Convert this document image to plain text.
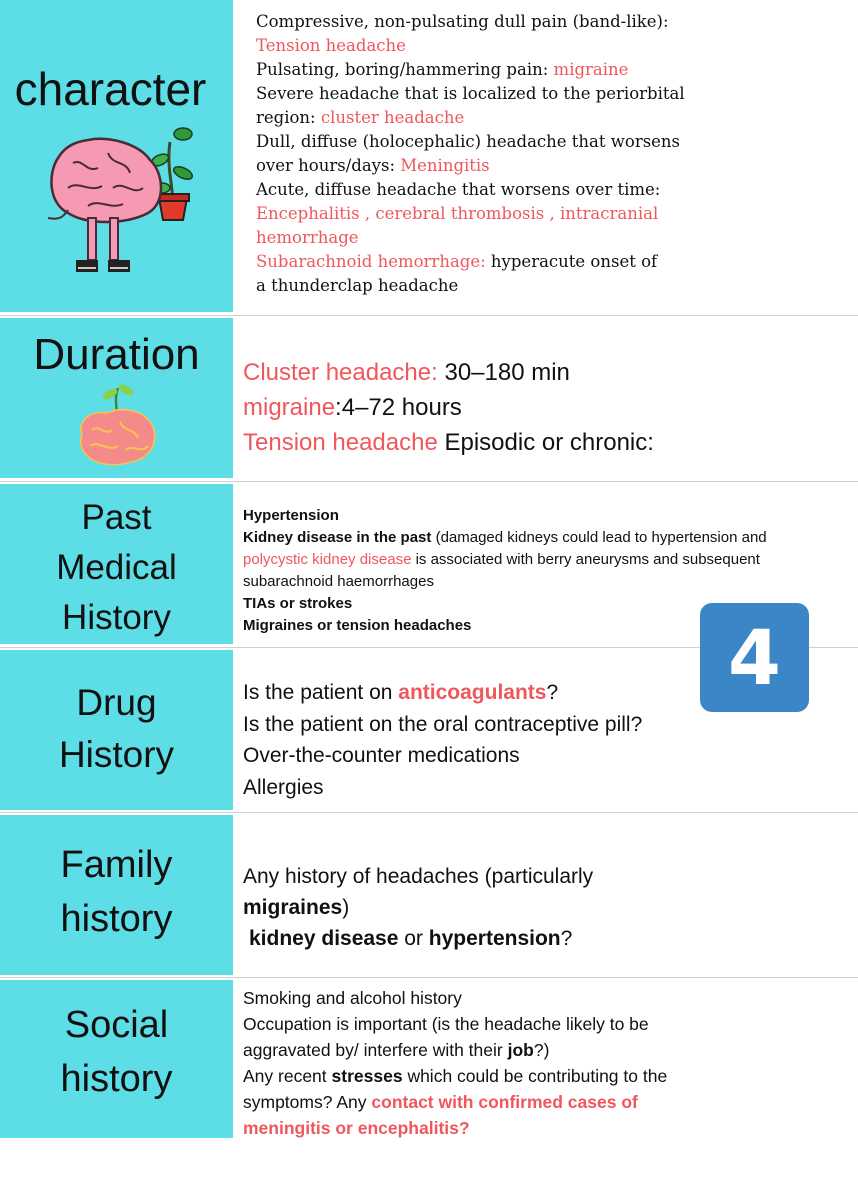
character
Compressive, non-pulsating dull pain (band-like):
Tension headache
Pulsating, boring/hammering pain: migraine
Severe headache that is localized to the periorbital
region: cluster headache
Dull, diffuse (holocephalic) headache that worsens
over hours/days: Meningitis
Acute, diffuse headache that worsens over time:
Encephalitis , cerebral thrombosis , intracranial
hemorrhage
Subarachnoid hemorrhage: hyperacute onset of
a thunderclap headache
Duration	Cluster headache: 30–180 min
migraine:4–72 hours
Tension headache Episodic or chronic:
Past
Medical
History
Hypertension
Kidney disease in the past (damaged kidneys could lead to hypertension and
polycystic kidney disease is associated with berry aneurysms and subsequent
subarachnoid haemorrhages
TIAs or strokes
Migraines or tension headaches	4
Drug
History
Is the patient on anticoagulants?
Is the patient on the oral contraceptive pill?
Over-the-counter medications
Allergies
Family
history
Any history of headaches (particularly
migraines)
kidney disease or hypertension?
Social
history
Smoking and alcohol history
Occupation is important (is the headache likely to be
aggravated by/ interfere with their job?)
Any recent stresses which could be contributing to the
symptoms? Any contact with confirmed cases of
meningitis or encephalitis?
